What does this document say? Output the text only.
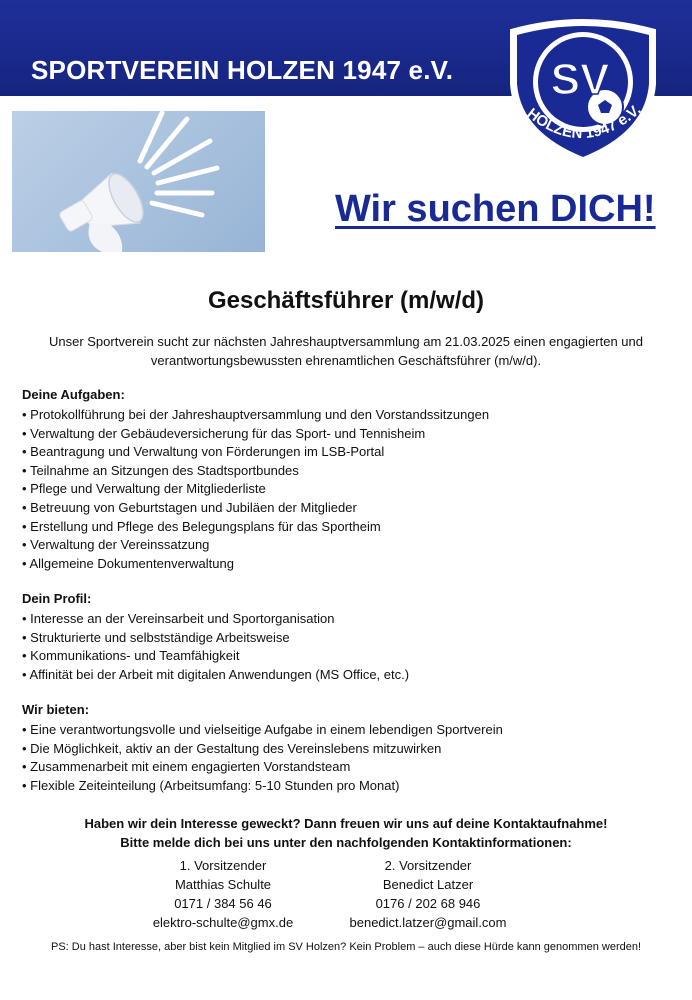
SPORTVEREIN HOLZEN 1947 e.V. SV
HOLZEN 1947 e.V.
Wir suchen DICH!
Geschäftsführer (m/w/d)
Unser Sportverein sucht zur nächsten Jahreshauptversammlung am 21.03.2025 einen engagierten und verantwortungsbewussten ehrenamtlichen Geschäftsführer (m/w/d).
Deine Aufgaben:
• Protokollführung bei der Jahreshauptversammlung und den Vorstandssitzungen
• Verwaltung der Gebäudeversicherung für das Sport- und Tennisheim
• Beantragung und Verwaltung von Förderungen im LSB-Portal
• Teilnahme an Sitzungen des Stadtsportbundes
• Pflege und Verwaltung der Mitgliederliste
• Betreuung von Geburtstagen und Jubiläen der Mitglieder
• Erstellung und Pflege des Belegungsplans für das Sportheim
• Verwaltung der Vereinssatzung
• Allgemeine Dokumentenverwaltung
Dein Profil:
• Interesse an der Vereinsarbeit und Sportorganisation
• Strukturierte und selbstständige Arbeitsweise
• Kommunikations- und Teamfähigkeit
• Affinität bei der Arbeit mit digitalen Anwendungen (MS Office, etc.)
Wir bieten:
• Eine verantwortungsvolle und vielseitige Aufgabe in einem lebendigen Sportverein
• Die Möglichkeit, aktiv an der Gestaltung des Vereinslebens mitzuwirken
• Zusammenarbeit mit einem engagierten Vorstandsteam
• Flexible Zeiteinteilung (Arbeitsumfang: 5-10 Stunden pro Monat)
Haben wir dein Interesse geweckt? Dann freuen wir uns auf deine Kontaktaufnahme!
Bitte melde dich bei uns unter den nachfolgenden Kontaktinformationen:
1. Vorsitzender
Matthias Schulte
0171 / 384 56 46
elektro-schulte@gmx.de
2. Vorsitzender
Benedict Latzer
0176 / 202 68 946
benedict.latzer@gmail.com
PS: Du hast Interesse, aber bist kein Mitglied im SV Holzen? Kein Problem – auch diese Hürde kann genommen werden!
